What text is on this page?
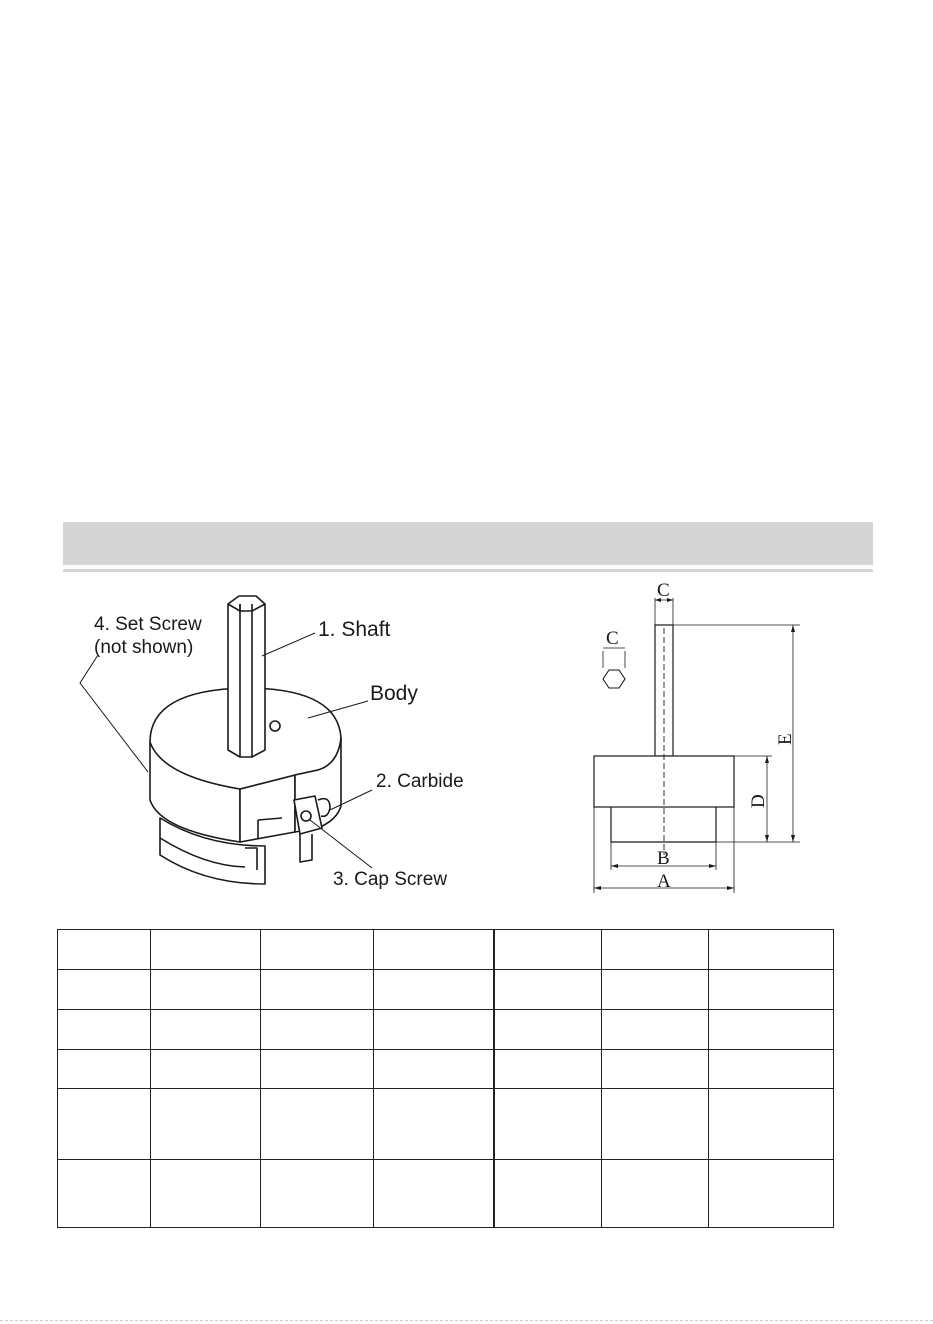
4. Set Screw
(not shown)
1. Shaft
Body
2. Carbide
3. Cap Screw
C
C
E
D
B
A
